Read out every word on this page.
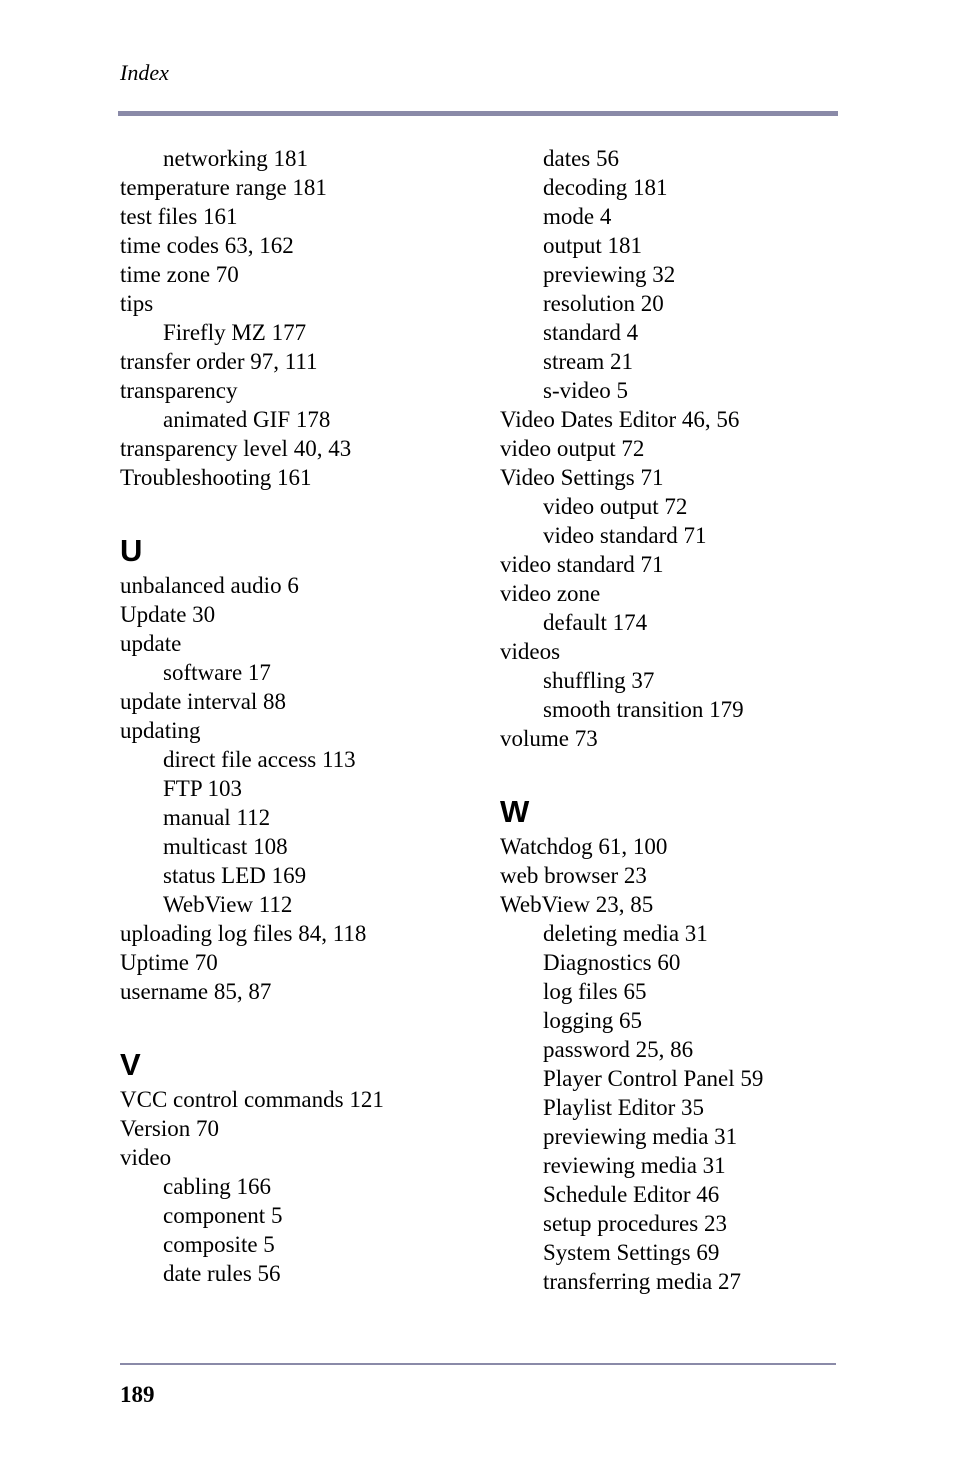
Index
networking 181
temperature range 181
test files 161
time codes 63, 162
time zone 70
tips
Firefly MZ 177
transfer order 97, 111
transparency
animated GIF 178
transparency level 40, 43
Troubleshooting 161
U
unbalanced audio 6
Update 30
update
software 17
update interval 88
updating
direct file access 113
FTP 103
manual 112
multicast 108
status LED 169
WebView 112
uploading log files 84, 118
Uptime 70
username 85, 87
V
VCC control commands 121
Version 70
video
cabling 166
component 5
composite 5
date rules 56
dates 56
decoding 181
mode 4
output 181
previewing 32
resolution 20
standard 4
stream 21
s-video 5
Video Dates Editor 46, 56
video output 72
Video Settings 71
video output 72
video standard 71
video standard 71
video zone
default 174
videos
shuffling 37
smooth transition 179
volume 73
W
Watchdog 61, 100
web browser 23
WebView 23, 85
deleting media 31
Diagnostics 60
log files 65
logging 65
password 25, 86
Player Control Panel 59
Playlist Editor 35
previewing media 31
reviewing media 31
Schedule Editor 46
setup procedures 23
System Settings 69
transferring media 27
189
